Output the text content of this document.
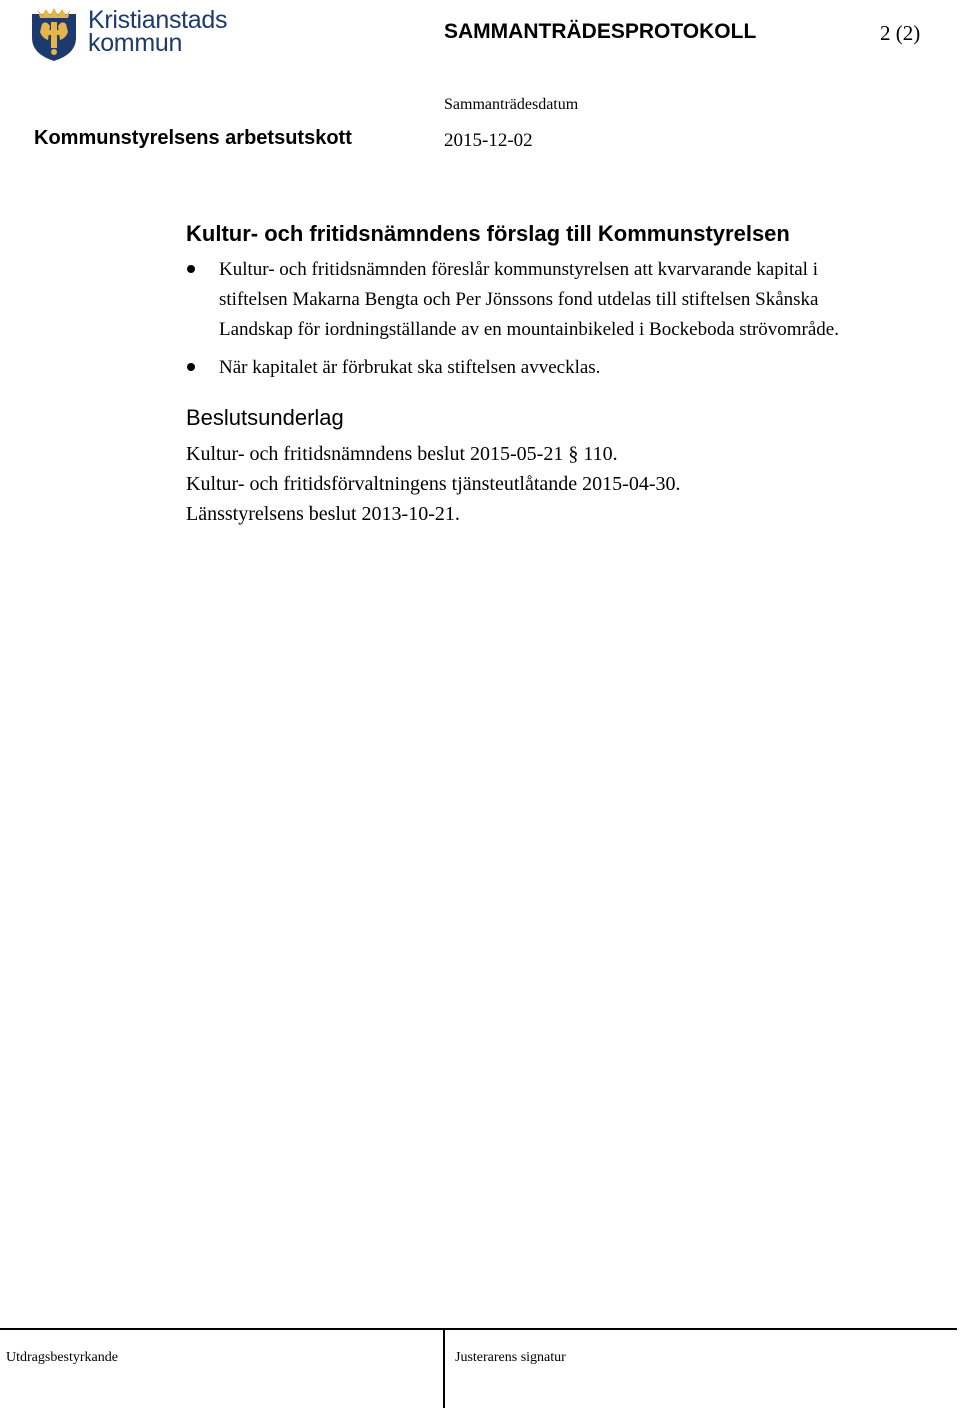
Kristianstads
kommun	SAMMANTRÄDESPROTOKOLL	2 (2)
Kommunstyrelsens arbetsutskott
Sammanträdesdatum
2015-12-02
Kultur- och fritidsnämndens förslag till Kommunstyrelsen
Kultur- och fritidsnämnden föreslår kommunstyrelsen att kvarvarande kapital i stiftelsen Makarna Bengta och Per Jönssons fond utdelas till stiftelsen Skånska Landskap för iordningställande av en mountainbikeled i Bockeboda strövområde.
När kapitalet är förbrukat ska stiftelsen avvecklas.
Beslutsunderlag
Kultur- och fritidsnämndens beslut 2015-05-21 § 110.
Kultur- och fritidsförvaltningens tjänsteutlåtande 2015-04-30.
Länsstyrelsens beslut 2013-10-21.
Utdragsbestyrkande	Justerarens signatur
